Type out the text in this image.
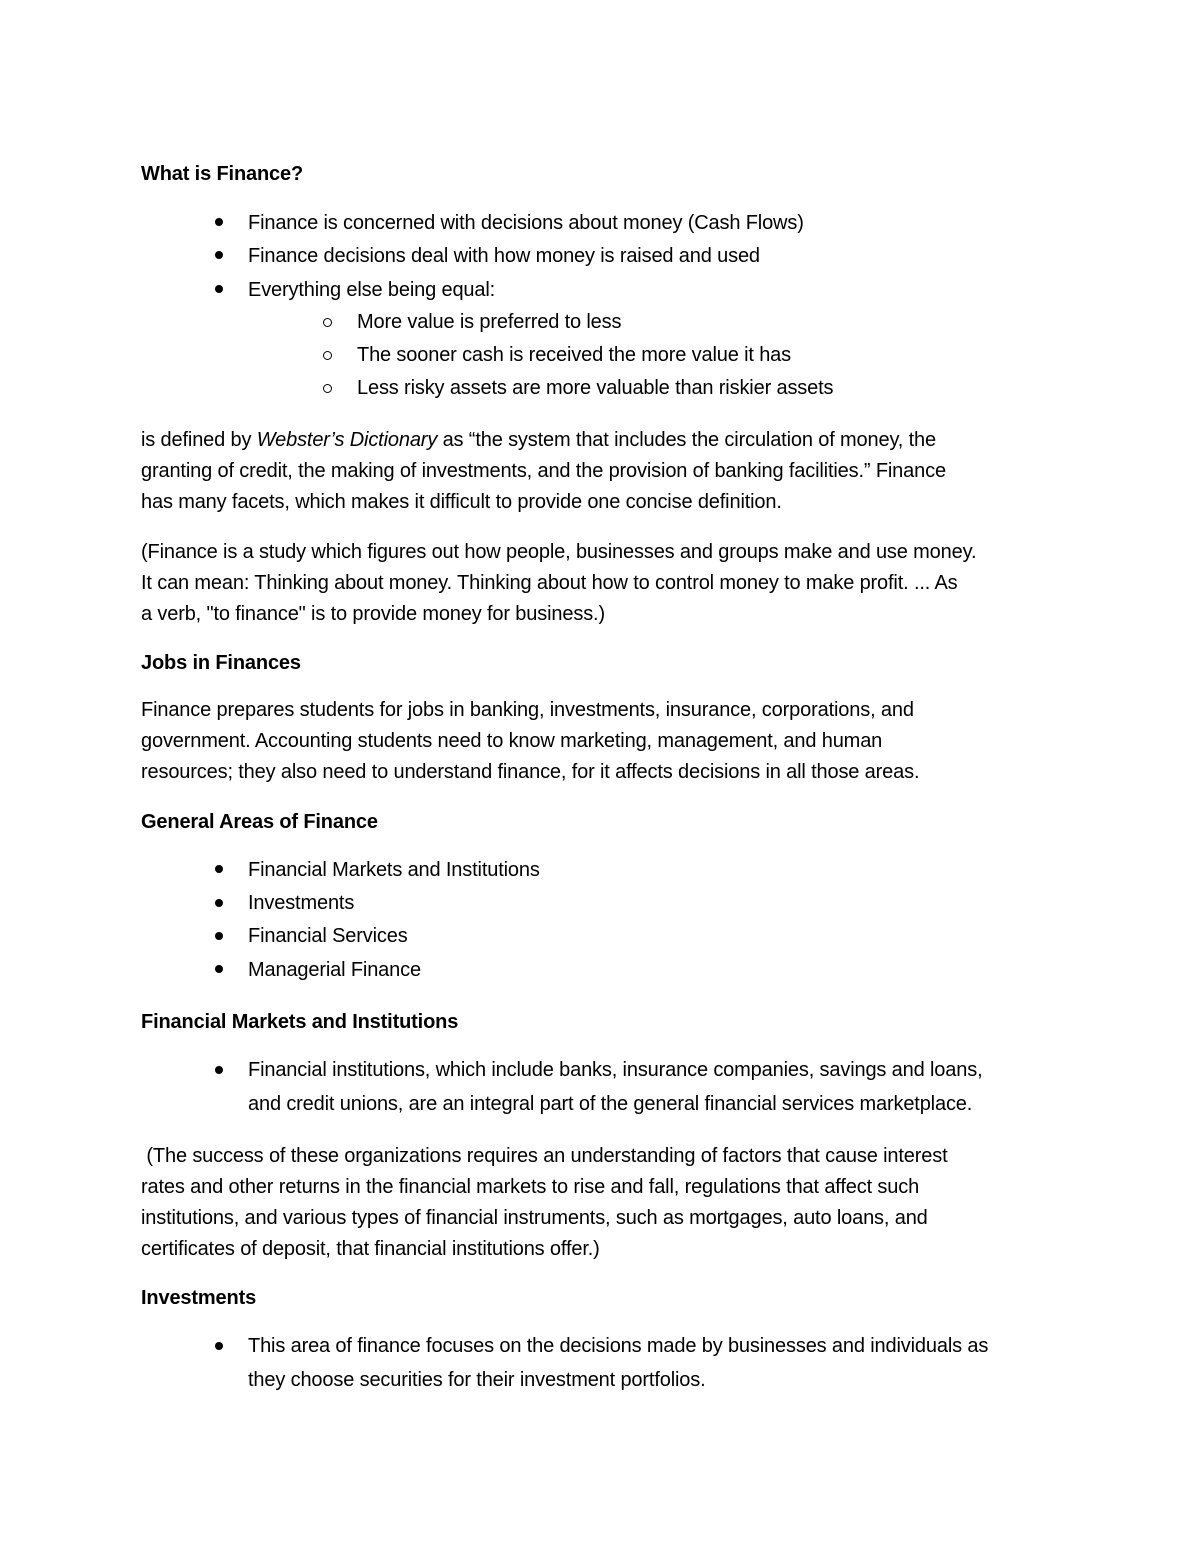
What is Finance?
Finance is concerned with decisions about money (Cash Flows)
Finance decisions deal with how money is raised and used
Everything else being equal:
More value is preferred to less
The sooner cash is received the more value it has
Less risky assets are more valuable than riskier assets
is defined by Webster’s Dictionary as “the system that includes the circulation of money, the
granting of credit, the making of investments, and the provision of banking facilities.” Finance
has many facets, which makes it difficult to provide one concise definition.
(Finance is a study which figures out how people, businesses and groups make and use money.
It can mean: Thinking about money. Thinking about how to control money to make profit. ... As
a verb, "to finance" is to provide money for business.)
Jobs in Finances
Finance prepares students for jobs in banking, investments, insurance, corporations, and
government. Accounting students need to know marketing, management, and human
resources; they also need to understand finance, for it affects decisions in all those areas.
General Areas of Finance
Financial Markets and Institutions
Investments
Financial Services
Managerial Finance
Financial Markets and Institutions
Financial institutions, which include banks, insurance companies, savings and loans,
and credit unions, are an integral part of the general financial services marketplace.
(The success of these organizations requires an understanding of factors that cause interest
rates and other returns in the financial markets to rise and fall, regulations that affect such
institutions, and various types of financial instruments, such as mortgages, auto loans, and
certificates of deposit, that financial institutions offer.)
Investments
This area of finance focuses on the decisions made by businesses and individuals as
they choose securities for their investment portfolios.
